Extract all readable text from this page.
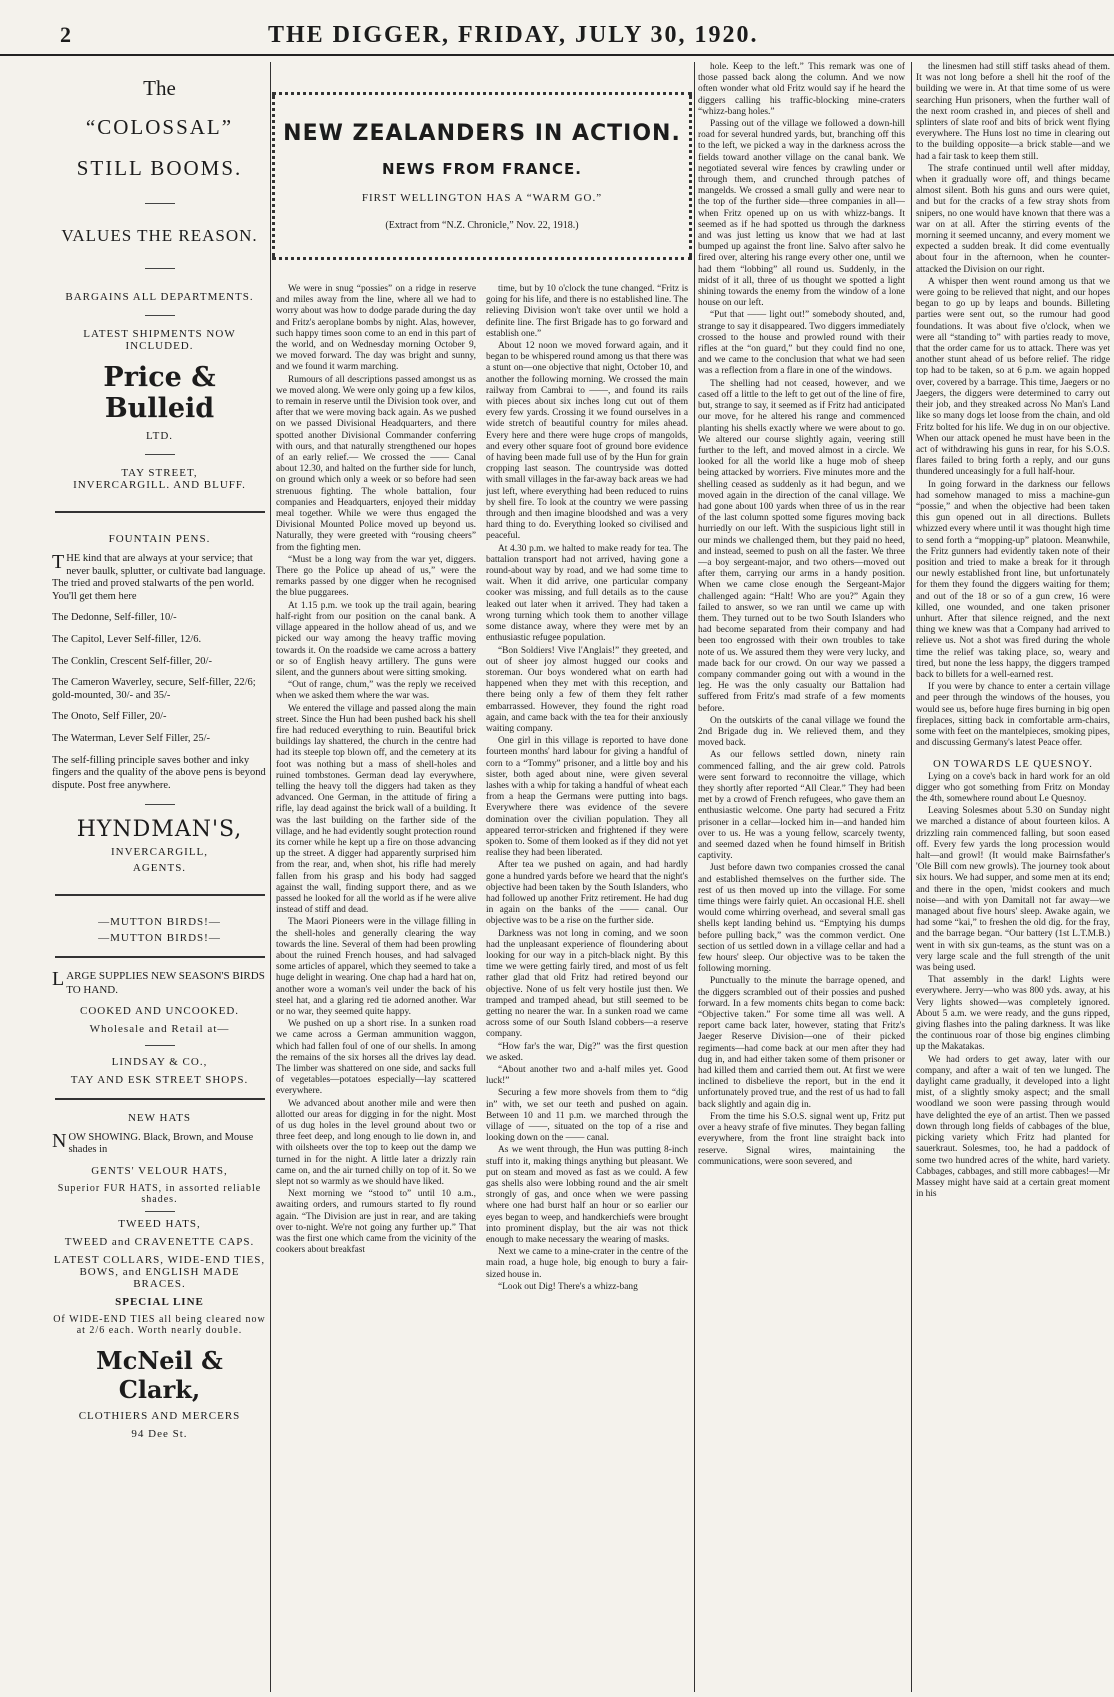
2	THE DIGGER, FRIDAY, JULY 30, 1920.
The
“COLOSSAL”
STILL BOOMS.
VALUES THE REASON.
BARGAINS ALL DEPARTMENTS.
LATEST SHIPMENTS NOW INCLUDED.
Price & Bulleid
LTD.
TAY STREET, INVERCARGILL. AND BLUFF.
FOUNTAIN PENS.
THE kind that are always at your service; that never baulk, splutter, or cultivate bad language. The tried and proved stalwarts of the pen world. You'll get them here
The Dedonne, Self-filler, 10/-
The Capitol, Lever Self-filler, 12/6.
The Conklin, Crescent Self-filler, 20/-
The Cameron Waverley, secure, Self-filler, 22/6; gold-mounted, 30/- and 35/-
The Onoto, Self Filler, 20/-
The Waterman, Lever Self Filler, 25/-
The self-filling principle saves bother and inky fingers and the quality of the above pens is beyond dispute. Post free anywhere.
HYNDMAN'S,
INVERCARGILL,
AGENTS.
—MUTTON BIRDS!—
—MUTTON BIRDS!—
LARGE SUPPLIES NEW SEASON'S BIRDS TO HAND.
COOKED AND UNCOOKED.
Wholesale and Retail at—
LINDSAY & CO.,
TAY AND ESK STREET SHOPS.
NEW HATS
NOW SHOWING. Black, Brown, and Mouse shades in
GENTS' VELOUR HATS,
Superior FUR HATS, in assorted reliable shades.
TWEED HATS,
TWEED and CRAVENETTE CAPS.
LATEST COLLARS, WIDE-END TIES, BOWS, and ENGLISH MADE BRACES.
SPECIAL LINE
Of WIDE-END TIES all being cleared now at 2/6 each. Worth nearly double.
McNeil & Clark,
CLOTHIERS AND MERCERS
94 Dee St.
NEW ZEALANDERS IN ACTION.
NEWS FROM FRANCE.
FIRST WELLINGTON HAS A “WARM GO.”
(Extract from “N.Z. Chronicle,” Nov. 22, 1918.)

We were in snug “possies” on a ridge in reserve and miles away from the line, where all we had to worry about was how to dodge parade during the day and Fritz's aeroplane bombs by night. Alas, however, such happy times soon come to an end in this part of the world, and on Wednesday morning October 9, we moved forward. The day was bright and sunny, and we found it warm marching.

Rumours of all descriptions passed amongst us as we moved along. We were only going up a few kilos, to remain in reserve until the Division took over, and after that we were moving back again. As we pushed on we passed Divisional Headquarters, and there spotted another Divisional Commander conferring with ours, and that naturally strengthened our hopes of an early relief.— We crossed the —— Canal about 12.30, and halted on the further side for lunch, on ground which only a week or so before had seen strenuous fighting. The whole battalion, four companies and Headquarters, enjoyed their midday meal together. While we were thus engaged the Divisional Mounted Police moved up beyond us. Naturally, they were greeted with “rousing cheers” from the fighting men.

“Must be a long way from the war yet, diggers. There go the Police up ahead of us,” were the remarks passed by one digger when he recognised the blue puggarees.

At 1.15 p.m. we took up the trail again, bearing half-right from our position on the canal bank. A village appeared in the hollow ahead of us, and we picked our way among the heavy traffic moving towards it. On the roadside we came across a battery or so of English heavy artillery. The guns were silent, and the gunners about were sitting smoking.

“Out of range, chum,” was the reply we received when we asked them where the war was.

We entered the village and passed along the main street. Since the Hun had been pushed back his shell fire had reduced everything to ruin. Beautiful brick buildings lay shattered, the church in the centre had had its steeple top blown off, and the cemetery at its foot was nothing but a mass of shell-holes and ruined tombstones. German dead lay everywhere, telling the heavy toll the diggers had taken as they advanced. One German, in the attitude of firing a rifle, lay dead against the brick wall of a building. It was the last building on the farther side of the village, and he had evidently sought protection round its corner while he kept up a fire on those advancing up the street. A digger had apparently surprised him from the rear, and, when shot, his rifle had merely fallen from his grasp and his body had sagged against the wall, finding support there, and as we passed he looked for all the world as if he were alive instead of stiff and dead.

The Maori Pioneers were in the village filling in the shell-holes and generally clearing the way towards the line. Several of them had been prowling about the ruined French houses, and had salvaged some articles of apparel, which they seemed to take a huge delight in wearing. One chap had a hard hat on, another wore a woman's veil under the back of his steel hat, and a glaring red tie adorned another. War or no war, they seemed quite happy.

We pushed on up a short rise. In a sunken road we came across a German ammunition waggon, which had fallen foul of one of our shells. In among the remains of the six horses all the drives lay dead. The limber was shattered on one side, and sacks full of vegetables—potatoes especially—lay scattered everywhere.

We advanced about another mile and were then allotted our areas for digging in for the night. Most of us dug holes in the level ground about two or three feet deep, and long enough to lie down in, and with oilsheets over the top to keep out the damp we turned in for the night. A little later a drizzly rain came on, and the air turned chilly on top of it. So we slept not so warmly as we should have liked.

Next morning we “stood to” until 10 a.m., awaiting orders, and rumours started to fly round again. “The Division are just in rear, and are taking over to-night. We're not going any further up.” That was the first one which came from the vicinity of the cookers about breakfast

time, but by 10 o'clock the tune changed. “Fritz is going for his life, and there is no established line. The relieving Division won't take over until we hold a definite line. The first Brigade has to go forward and establish one.”

About 12 noon we moved forward again, and it began to be whispered round among us that there was a stunt on—one objective that night, October 10, and another the following morning. We crossed the main railway from Cambrai to ——, and found its rails with pieces about six inches long cut out of them every few yards. Crossing it we found ourselves in a wide stretch of beautiful country for miles ahead. Every here and there were huge crops of mangolds, and every other square foot of ground bore evidence of having been made full use of by the Hun for grain cropping last season. The countryside was dotted with small villages in the far-away back areas we had just left, where everything had been reduced to ruins by shell fire. To look at the country we were passing through and then imagine bloodshed and was a very hard thing to do. Everything looked so civilised and peaceful.

At 4.30 p.m. we halted to make ready for tea. The battalion transport had not arrived, having gone a round-about way by road, and we had some time to wait. When it did arrive, one particular company cooker was missing, and full details as to the cause leaked out later when it arrived. They had taken a wrong turning which took them to another village some distance away, where they were met by an enthusiastic refugee population.

“Bon Soldiers! Vive l'Anglais!” they greeted, and out of sheer joy almost hugged our cooks and storeman. Our boys wondered what on earth had happened when they met with this reception, and there being only a few of them they felt rather embarrassed. However, they found the right road again, and came back with the tea for their anxiously waiting company.

One girl in this village is reported to have done fourteen months' hard labour for giving a handful of corn to a “Tommy” prisoner, and a little boy and his sister, both aged about nine, were given several lashes with a whip for taking a handful of wheat each from a heap the Germans were putting into bags. Everywhere there was evidence of the severe domination over the civilian population. They all appeared terror-stricken and frightened if they were spoken to. Some of them looked as if they did not yet realise they had been liberated.

After tea we pushed on again, and had hardly gone a hundred yards before we heard that the night's objective had been taken by the South Islanders, who had followed up another Fritz retirement. He had dug in again on the banks of the —— canal. Our objective was to be a rise on the further side.

Darkness was not long in coming, and we soon had the unpleasant experience of floundering about looking for our way in a pitch-black night. By this time we were getting fairly tired, and most of us felt rather glad that old Fritz had retired beyond our objective. None of us felt very hostile just then. We tramped and tramped ahead, but still seemed to be getting no nearer the war. In a sunken road we came across some of our South Island cobbers—a reserve company.

“How far's the war, Dig?” was the first question we asked.

“About another two and a-half miles yet. Good luck!”

Securing a few more shovels from them to “dig in” with, we set our teeth and pushed on again. Between 10 and 11 p.m. we marched through the village of ——, situated on the top of a rise and looking down on the —— canal.

As we went through, the Hun was putting 8-inch stuff into it, making things anything but pleasant. We put on steam and moved as fast as we could. A few gas shells also were lobbing round and the air smelt strongly of gas, and once when we were passing where one had burst half an hour or so earlier our eyes began to weep, and handkerchiefs were brought into prominent display, but the air was not thick enough to make necessary the wearing of masks.

Next we came to a mine-crater in the centre of the main road, a huge hole, big enough to bury a fair-sized house in.

“Look out Dig! There's a whizz-bang

hole. Keep to the left.” This remark was one of those passed back along the column. And we now often wonder what old Fritz would say if he heard the diggers calling his traffic-blocking mine-craters “whizz-bang holes.”

Passing out of the village we followed a down-hill road for several hundred yards, but, branching off this to the left, we picked a way in the darkness across the fields toward another village on the canal bank. We negotiated several wire fences by crawling under or through them, and crunched through patches of mangelds. We crossed a small gully and were near to the top of the further side—three companies in all—when Fritz opened up on us with whizz-bangs. It seemed as if he had spotted us through the darkness and was just letting us know that we had at last bumped up against the front line. Salvo after salvo he fired over, altering his range every other one, until we had them “lobbing” all round us. Suddenly, in the midst of it all, three of us thought we spotted a light shining towards the enemy from the window of a lone house on our left.

“Put that —— light out!” somebody shouted, and, strange to say it disappeared. Two diggers immediately crossed to the house and prowled round with their rifles at the “on guard,” but they could find no one, and we came to the conclusion that what we had seen was a reflection from a flare in one of the windows.

The shelling had not ceased, however, and we cased off a little to the left to get out of the line of fire, but, strange to say, it seemed as if Fritz had anticipated our move, for he altered his range and commenced planting his shells exactly where we were about to go. We altered our course slightly again, veering still further to the left, and moved almost in a circle. We looked for all the world like a huge mob of sheep being attacked by worriers. Five minutes more and the shelling ceased as suddenly as it had begun, and we moved again in the direction of the canal village. We had gone about 100 yards when three of us in the rear of the last column spotted some figures moving back hurriedly on our left. With the suspicious light still in our minds we challenged them, but they paid no heed, and instead, seemed to push on all the faster. We three—a boy sergeant-major, and two others—moved out after them, carrying our arms in a handy position. When we came close enough the Sergeant-Major challenged again: “Halt! Who are you?” Again they failed to answer, so we ran until we came up with them. They turned out to be two South Islanders who had become separated from their company and had been too engrossed with their own troubles to take note of us. We assured them they were very lucky, and made back for our crowd. On our way we passed a company commander going out with a wound in the leg. He was the only casualty our Battalion had suffered from Fritz's mad strafe of a few moments before.

On the outskirts of the canal village we found the 2nd Brigade dug in. We relieved them, and they moved back.

As our fellows settled down, ninety rain commenced falling, and the air grew cold. Patrols were sent forward to reconnoitre the village, which they shortly after reported “All Clear.” They had been met by a crowd of French refugees, who gave them an enthusiastic welcome. One party had secured a Fritz prisoner in a cellar—locked him in—and handed him over to us. He was a young fellow, scarcely twenty, and seemed dazed when he found himself in British captivity.

Just before dawn two companies crossed the canal and established themselves on the further side. The rest of us then moved up into the village. For some time things were fairly quiet. An occasional H.E. shell would come whirring overhead, and several small gas shells kept landing behind us. “Emptying his dumps before pulling back,” was the common verdict. One section of us settled down in a village cellar and had a few hours' sleep. Our objective was to be taken the following morning.

Punctually to the minute the barrage opened, and the diggers scrambled out of their possies and pushed forward. In a few moments chits began to come back: “Objective taken.” For some time all was well. A report came back later, however, stating that Fritz's Jaeger Reserve Division—one of their picked regiments—had come back at our men after they had dug in, and had either taken some of them prisoner or had killed them and carried them out. At first we were inclined to disbelieve the report, but in the end it unfortunately proved true, and the rest of us had to fall back slightly and again dig in.

From the time his S.O.S. signal went up, Fritz put over a heavy strafe of five minutes. They began falling everywhere, from the front line straight back into reserve. Signal wires, maintaining the communications, were soon severed, and

the linesmen had still stiff tasks ahead of them. It was not long before a shell hit the roof of the building we were in. At that time some of us were searching Hun prisoners, when the further wall of the next room crashed in, and pieces of shell and splinters of slate roof and bits of brick went flying everywhere. The Huns lost no time in clearing out to the building opposite—a brick stable—and we had a fair task to keep them still.

The strafe continued until well after midday, when it gradually wore off, and things became almost silent. Both his guns and ours were quiet, and but for the cracks of a few stray shots from snipers, no one would have known that there was a war on at all. After the stirring events of the morning it seemed uncanny, and every moment we expected a sudden break. It did come eventually about four in the afternoon, when he counter-attacked the Division on our right.

A whisper then went round among us that we were going to be relieved that night, and our hopes began to go up by leaps and bounds. Billeting parties were sent out, so the rumour had good foundations. It was about five o'clock, when we were all “standing to” with parties ready to move, that the order came for us to attack. There was yet another stunt ahead of us before relief. The ridge top had to be taken, so at 6 p.m. we again hopped over, covered by a barrage. This time, Jaegers or no Jaegers, the diggers were determined to carry out their job, and they streaked across No Man's Land like so many dogs let loose from the chain, and old Fritz bolted for his life. We dug in on our objective. When our attack opened he must have been in the act of withdrawing his guns in rear, for his S.O.S. flares failed to bring forth a reply, and our guns thundered unceasingly for a full half-hour.

In going forward in the darkness our fellows had somehow managed to miss a machine-gun “possie,” and when the objective had been taken this gun opened out in all directions. Bullets whizzed every where until it was thought high time to send forth a “mopping-up” platoon. Meanwhile, the Fritz gunners had evidently taken note of their position and tried to make a break for it through our newly established front line, but unfortunately for them they found the diggers waiting for them; and out of the 18 or so of a gun crew, 16 were killed, one wounded, and one taken prisoner unhurt. After that silence reigned, and the next thing we knew was that a Company had arrived to relieve us. Not a shot was fired during the whole time the relief was taking place, so, weary and tired, but none the less happy, the diggers tramped back to billets for a well-earned rest.

If you were by chance to enter a certain village and peer through the windows of the houses, you would see us, before huge fires burning in big open fireplaces, sitting back in comfortable arm-chairs, some with feet on the mantelpieces, smoking pipes, and discussing Germany's latest Peace offer.

ON TOWARDS LE QUESNOY.

Lying on a cove's back in hard work for an old digger who got something from Fritz on Monday the 4th, somewhere round about Le Quesnoy.

Leaving Solesmes about 5.30 on Sunday night we marched a distance of about fourteen kilos. A drizzling rain commenced falling, but soon eased off. Every few yards the long procession would halt—and growl! (It would make Bairnsfather's 'Ole Bill com new growls). The journey took about six hours. We had supper, and some men at its end; and there in the open, 'midst cookers and much noise—and with yon Damitall not far away—we managed about five hours' sleep. Awake again, we had some “kai,” to freshen the old dig. for the fray, and the barrage began. “Our battery (1st L.T.M.B.) went in with six gun-teams, as the stunt was on a very large scale and the full strength of the unit was being used.

That assembly in the dark! Lights were everywhere. Jerry—who was 800 yds. away, at his Very lights showed—was completely ignored. About 5 a.m. we were ready, and the guns ripped, giving flashes into the paling darkness. It was like the continuous roar of those big engines climbing up the Makatakas.

We had orders to get away, later with our company, and after a wait of ten we lunged. The daylight came gradually, it developed into a light mist, of a slightly smoky aspect; and the small woodland we soon were passing through would have delighted the eye of an artist. Then we passed down through long fields of cabbages of the blue, picking variety which Fritz had planted for sauerkraut. Solesmes, too, he had a paddock of some two hundred acres of the white, hard variety. Cabbages, cabbages, and still more cabbages!—Mr Massey might have said at a certain great moment in his
